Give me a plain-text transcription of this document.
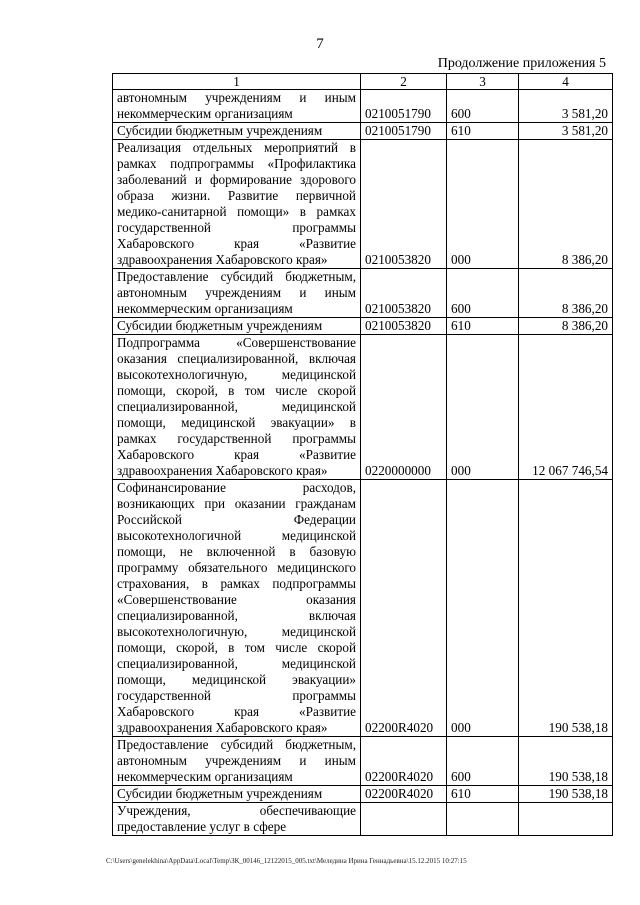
7
Продолжение приложения 5
1	2	3	4
автономным учреждениям и иным некоммерческим организациям	0210051790	600	3 581,20
Субсидии бюджетным учреждениям	0210051790	610	3 581,20
Реализация отдельных мероприятий в рамках подпрограммы «Профилактика заболеваний и формирование здорового образа жизни. Развитие первичной медико-санитарной помощи» в рамках государственной программы Хабаровского края «Развитие здравоохранения Хабаровского края»	0210053820	000	8 386,20
Предоставление субсидий бюджетным, автономным учреждениям и иным некоммерческим организациям	0210053820	600	8 386,20
Субсидии бюджетным учреждениям	0210053820	610	8 386,20
Подпрограмма «Совершенствование оказания специализированной, включая высокотехнологичную, медицинской помощи, скорой, в том числе скорой специализированной, медицинской помощи, медицинской эвакуации» в рамках государственной программы Хабаровского края «Развитие здравоохранения Хабаровского края»	0220000000	000	12 067 746,54
Софинансирование расходов, возникающих при оказании гражданам Российской Федерации высокотехнологичной медицинской помощи, не включенной в базовую программу обязательного медицинского страхования, в рамках подпрограммы «Совершенствование оказания специализированной, включая высокотехнологичную, медицинской помощи, скорой, в том числе скорой специализированной, медицинской помощи, медицинской эвакуации» государственной программы Хабаровского края «Развитие здравоохранения Хабаровского края»	02200R4020	000	190 538,18
Предоставление субсидий бюджетным, автономным учреждениям и иным некоммерческим организациям	02200R4020	600	190 538,18
Субсидии бюджетным учреждениям	02200R4020	610	190 538,18
Учреждения, обеспечивающие предоставление услуг в сфере			
C:\Users\genelekhina\AppData\Local\Temp\ЗК_00146_12122015_005.txt\Меледина Ирина Геннадьевна\15.12.2015 10:27:15
